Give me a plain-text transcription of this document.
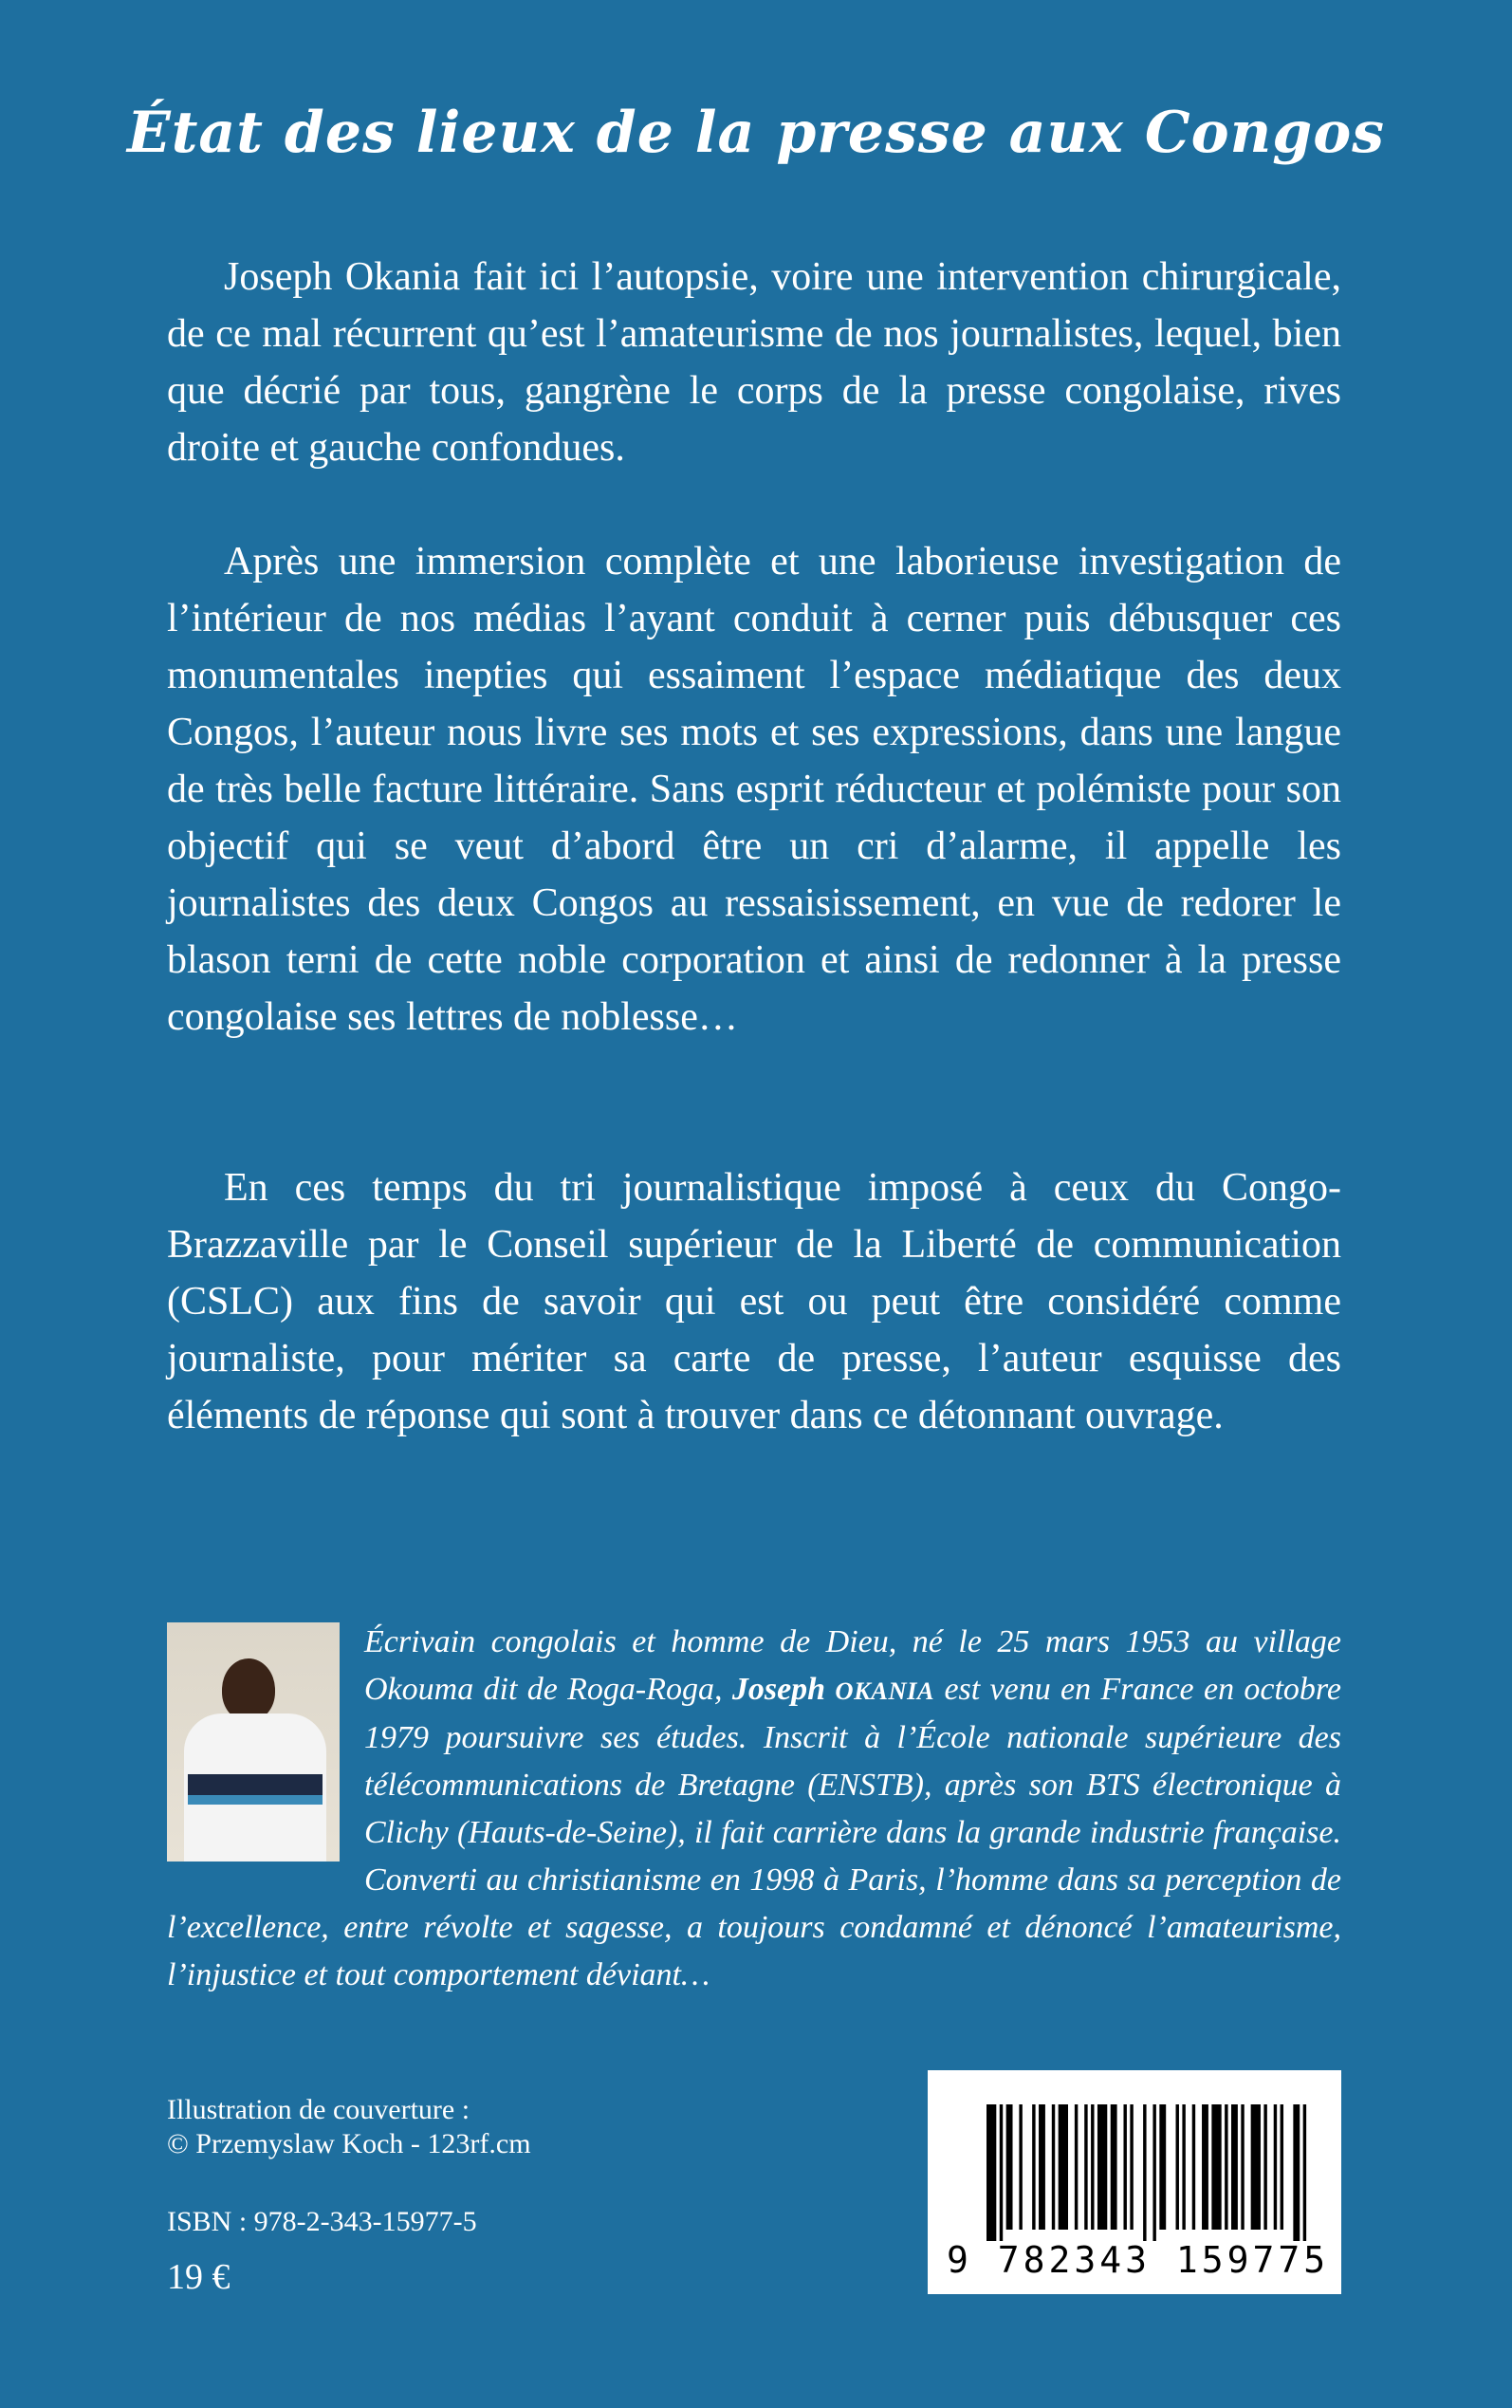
État des lieux de la presse aux Congos

Joseph Okania fait ici l’autopsie, voire une intervention chirurgicale, de ce mal récurrent qu’est l’amateurisme de nos journalistes, lequel, bien que décrié par tous, gangrène le corps de la presse congolaise, rives droite et gauche confondues.

Après une immersion complète et une laborieuse investigation de l’intérieur de nos médias l’ayant conduit à cerner puis débusquer ces monumentales inepties qui essaiment l’espace médiatique des deux Congos, l’auteur nous livre ses mots et ses expressions, dans une langue de très belle facture littéraire. Sans esprit réducteur et polémiste pour son objectif qui se veut d’abord être un cri d’alarme, il appelle les journalistes des deux Congos au ressaisissement, en vue de redorer le blason terni de cette noble corporation et ainsi de redonner à la presse congolaise ses lettres de noblesse…

En ces temps du tri journalistique imposé à ceux du Congo-Brazzaville par le Conseil supérieur de la Liberté de communication (CSLC) aux fins de savoir qui est ou peut être considéré comme journaliste, pour mériter sa carte de presse, l’auteur esquisse des éléments de réponse qui sont à trouver dans ce détonnant ouvrage.

Écrivain congolais et homme de Dieu, né le 25 mars 1953 au village Okouma dit de Roga-Roga, Joseph OKANIA est venu en France en octobre 1979 poursuivre ses études. Inscrit à l’École nationale supérieure des télécommunications de Bretagne (ENSTB), après son BTS électronique à Clichy (Hauts-de-Seine), il fait carrière dans la grande industrie française. Converti au christianisme en 1998 à Paris, l’homme dans sa perception de l’excellence, entre révolte et sagesse, a toujours condamné et dénoncé l’amateurisme, l’injustice et tout comportement déviant…
Illustration de couverture :
© Przemyslaw Koch - 123rf.cm
ISBN : 978-2-343-15977-5
19 €	9 782343 159775
